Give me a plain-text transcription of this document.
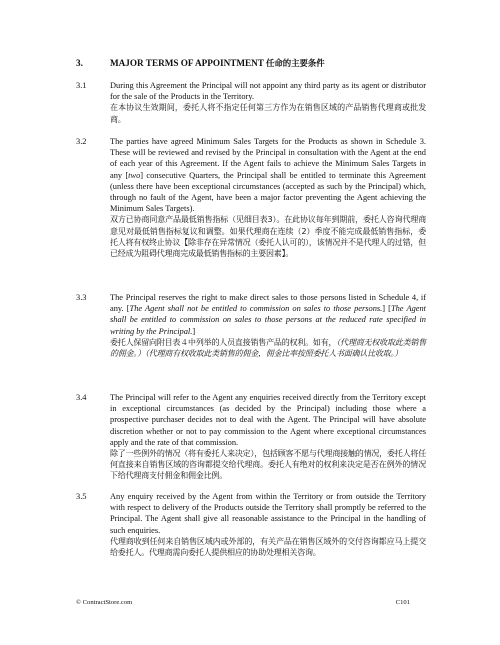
3.	MAJOR TERMS OF APPOINTMENT 任命的主要条件
3.1	During this Agreement the Principal will not appoint any third party as its agent or distributor for the sale of the Products in the Territory.

在本协议生效期间，委托人将不指定任何第三方作为在销售区域的产品销售代理商或批发商。

3.2	The parties have agreed Minimum Sales Targets for the Products as shown in Schedule 3. These will be reviewed and revised by the Principal in consultation with the Agent at the end of each year of this Agreement. If the Agent fails to achieve the Minimum Sales Targets in any [two] consecutive Quarters, the Principal shall be entitled to terminate this Agreement (unless there have been exceptional circumstances (accepted as such by the Principal) which, through no fault of the Agent, have been a major factor preventing the Agent achieving the Minimum Sales Targets).

双方已协商同意产品最低销售指标（见细目表3）。在此协议每年到期前，委托人咨询代理商意见对最低销售指标复议和调整。如果代理商在连续（2）季度不能完成最低销售指标，委托人将有权终止协议【除非存在异常情况（委托人认可的），该情况并不是代理人的过错，但已经成为阻碍代理商完成最低销售指标的主要因素】。

3.3	The Principal reserves the right to make direct sales to those persons listed in Schedule 4, if any. [The Agent shall not be entitled to commission on sales to those persons.] [The Agent shall be entitled to commission on sales to those persons at the reduced rate specified in writing by the Principal.]

委托人保留向附目表４中列举的人员直接销售产品的权利。如有，（代理商无权收取此类销售的佣金。）（代理商有权收取此类销售的佣金，佣金比率按照委托人书面确认比收取。）

3.4	The Principal will refer to the Agent any enquiries received directly from the Territory except in exceptional circumstances (as decided by the Principal) including those where a prospective purchaser decides not to deal with the Agent. The Principal will have absolute discretion whether or not to pay commission to the Agent where exceptional circumstances apply and the rate of that commission.

除了一些例外的情况（将有委托人来决定），包括顾客不愿与代理商接触的情况，委托人将任何直接来自销售区域的咨询都提交给代理商。委托人有绝对的权利来决定是否在例外的情况下给代理商支付佣金和佣金比例。

3.5	Any enquiry received by the Agent from within the Territory or from outside the Territory with respect to delivery of the Products outside the Territory shall promptly be referred to the Principal. The Agent shall give all reasonable assistance to the Principal in the handling of such enquiries.

代理商收到任何来自销售区域内或外部的，有关产品在销售区域外的交付咨询都应马上提交给委托人。代理商需向委托人提供相应的协助处理相关咨询。

© ContractStore.com	C101
